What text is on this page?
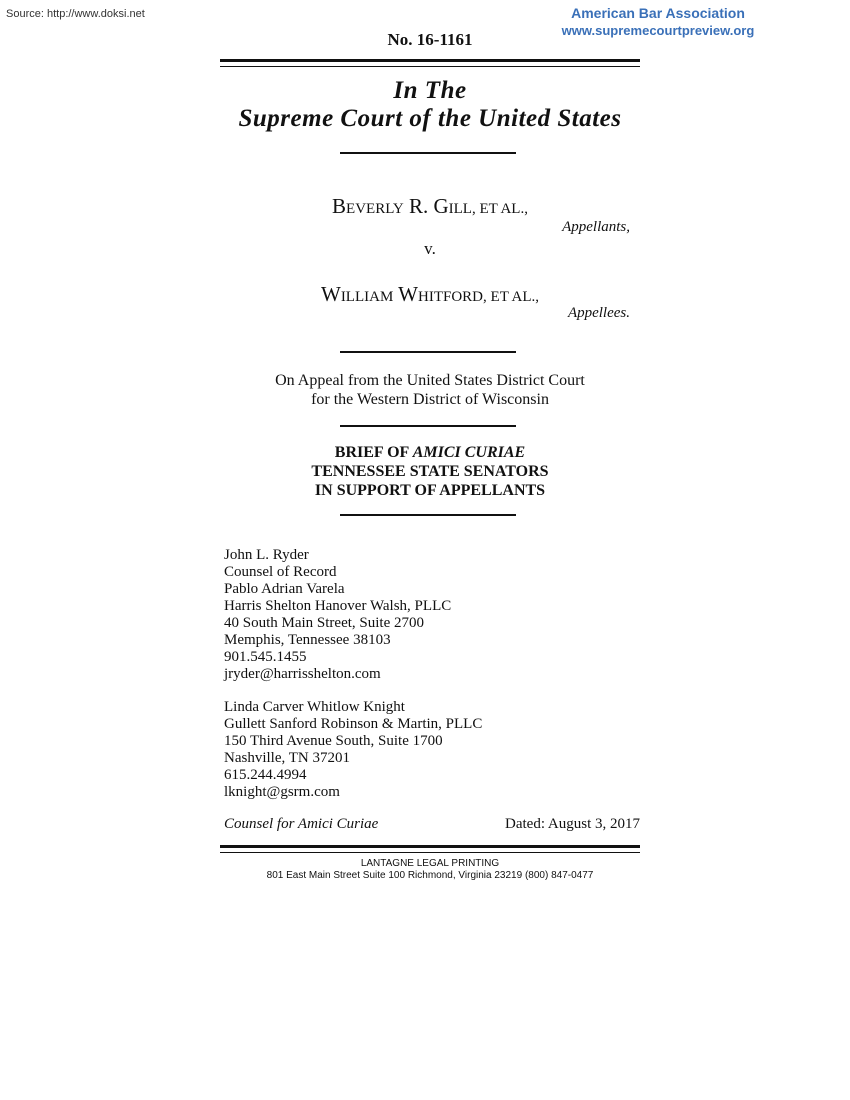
Source: http://www.doksi.net	American Bar Association
www.supremecourtpreview.org
No. 16-1161
In The
Supreme Court of the United States
BEVERLY R. GILL, ET AL.,
Appellants,
v.
WILLIAM WHITFORD, ET AL.,
Appellees.
On Appeal from the United States District Court
for the Western District of Wisconsin
BRIEF OF AMICI CURIAE
TENNESSEE STATE SENATORS
IN SUPPORT OF APPELLANTS
John L. Ryder
Counsel of Record
Pablo Adrian Varela
Harris Shelton Hanover Walsh, PLLC
40 South Main Street, Suite 2700
Memphis, Tennessee 38103
901.545.1455
jryder@harrisshelton.com
Linda Carver Whitlow Knight
Gullett Sanford Robinson & Martin, PLLC
150 Third Avenue South, Suite 1700
Nashville, TN 37201
615.244.4994
lknight@gsrm.com
Counsel for Amici Curiae	Dated: August 3, 2017
LANTAGNE LEGAL PRINTING
801 East Main Street Suite 100 Richmond, Virginia 23219 (800) 847-0477
